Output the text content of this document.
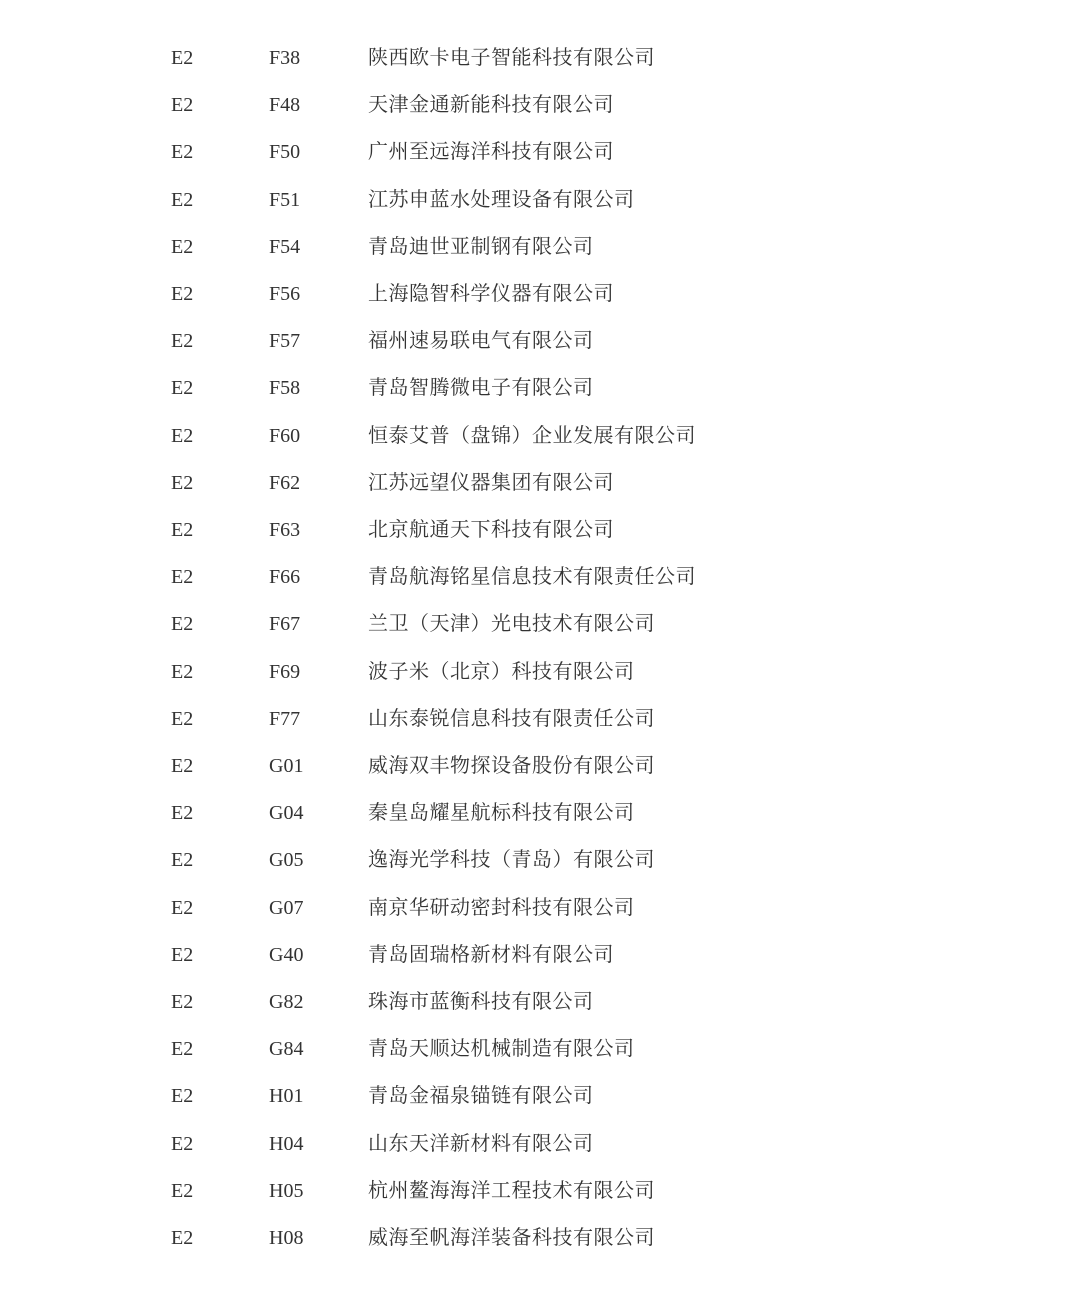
E2	F38	陕西欧卡电子智能科技有限公司
E2	F48	天津金通新能科技有限公司
E2	F50	广州至远海洋科技有限公司
E2	F51	江苏申蓝水处理设备有限公司
E2	F54	青岛迪世亚制钢有限公司
E2	F56	上海隐智科学仪器有限公司
E2	F57	福州速易联电气有限公司
E2	F58	青岛智腾微电子有限公司
E2	F60	恒泰艾普（盘锦）企业发展有限公司
E2	F62	江苏远望仪器集团有限公司
E2	F63	北京航通天下科技有限公司
E2	F66	青岛航海铭星信息技术有限责任公司
E2	F67	兰卫（天津）光电技术有限公司
E2	F69	波子米（北京）科技有限公司
E2	F77	山东泰锐信息科技有限责任公司
E2	G01	威海双丰物探设备股份有限公司
E2	G04	秦皇岛耀星航标科技有限公司
E2	G05	逸海光学科技（青岛）有限公司
E2	G07	南京华研动密封科技有限公司
E2	G40	青岛固瑞格新材料有限公司
E2	G82	珠海市蓝衡科技有限公司
E2	G84	青岛天顺达机械制造有限公司
E2	H01	青岛金福泉锚链有限公司
E2	H04	山东天洋新材料有限公司
E2	H05	杭州鳌海海洋工程技术有限公司
E2	H08	威海至帆海洋装备科技有限公司
